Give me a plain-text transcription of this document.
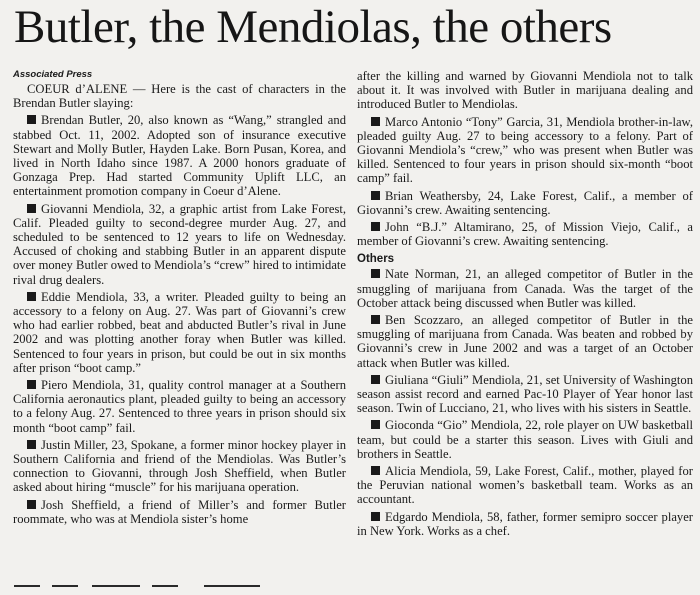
Butler, the Mendiolas, the others
Associated Press

COEUR d’ALENE — Here is the cast of characters in the Brendan Butler slaying:

Brendan Butler, 20, also known as “Wang,” strangled and stabbed Oct. 11, 2002. Adopted son of insurance executive Stewart and Molly Butler, Hayden Lake. Born Pusan, Korea, and lived in North Idaho since 1987. A 2000 honors graduate of Gonzaga Prep. Had started Community Uplift LLC, an entertainment promotion company in Coeur d’Alene.

Giovanni Mendiola, 32, a graphic artist from Lake Forest, Calif. Pleaded guilty to second-degree murder Aug. 27, and scheduled to be sentenced to 12 years to life on Wednesday. Accused of choking and stabbing Butler in an apparent dispute over money Butler owed to Mendiola’s “crew” hired to intimidate rival drug dealers.

Eddie Mendiola, 33, a writer. Pleaded guilty to being an accessory to a felony on Aug. 27. Was part of Giovanni’s crew who had earlier robbed, beat and abducted Butler’s rival in June 2002 and was plotting another foray when Butler was killed. Sentenced to four years in prison, but could be out in six months after prison “boot camp.”

Piero Mendiola, 31, quality control manager at a Southern California aeronautics plant, pleaded guilty to being an accessory to a felony Aug. 27. Sentenced to three years in prison should six month “boot camp” fail.

Justin Miller, 23, Spokane, a former minor hockey player in Southern California and friend of the Mendiolas. Was Butler’s connection to Giovanni, through Josh Sheffield, when Butler asked about hiring “muscle” for his marijuana operation.

Josh Sheffield, a friend of Miller’s and former Butler roommate, who was at Mendiola sister’s home

after the killing and warned by Giovanni Mendiola not to talk about it. It was involved with Butler in marijuana dealing and introduced Butler to Mendiolas.

Marco Antonio “Tony” Garcia, 31, Mendiola brother-in-law, pleaded guilty Aug. 27 to being accessory to a felony. Part of Giovanni Mendiola’s “crew,” who was present when Butler was killed. Sentenced to four years in prison should six-month “boot camp” fail.

Brian Weathersby, 24, Lake Forest, Calif., a member of Giovanni’s crew. Awaiting sentencing.

John “B.J.” Altamirano, 25, of Mission Viejo, Calif., a member of Giovanni’s crew. Awaiting sentencing.

Others

Nate Norman, 21, an alleged competitor of Butler in the smuggling of marijuana from Canada. Was the target of the October attack being discussed when Butler was killed.

Ben Scozzaro, an alleged competitor of Butler in the smuggling of marijuana from Canada. Was beaten and robbed by Giovanni’s crew in June 2002 and was a target of an October attack when Butler was killed.

Giuliana “Giuli” Mendiola, 21, set University of Washington season assist record and earned Pac-10 Player of Year honor last season. Twin of Lucciano, 21, who lives with his sisters in Seattle.

Gioconda “Gio” Mendiola, 22, role player on UW basketball team, but could be a starter this season. Lives with Giuli and brothers in Seattle.

Alicia Mendiola, 59, Lake Forest, Calif., mother, played for the Peruvian national women’s basketball team. Works as an accountant.

Edgardo Mendiola, 58, father, former semipro soccer player in New York. Works as a chef.
